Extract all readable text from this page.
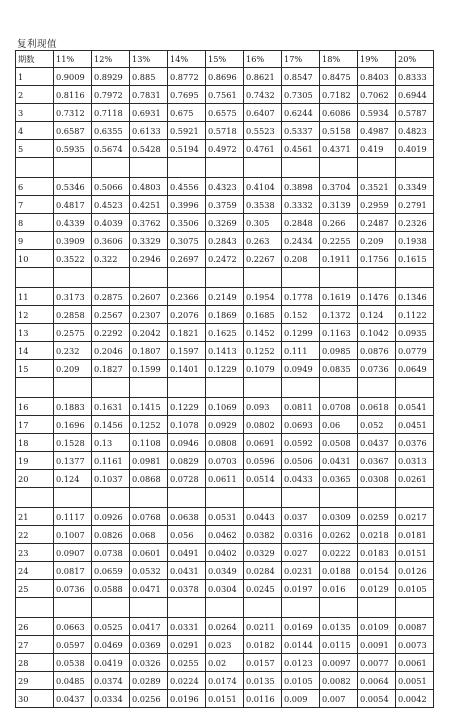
复利现值
期数	11%	12%	13%	14%	15%	16%	17%	18%	19%	20%
1	0.9009	0.8929	0.885	0.8772	0.8696	0.8621	0.8547	0.8475	0.8403	0.8333
2	0.8116	0.7972	0.7831	0.7695	0.7561	0.7432	0.7305	0.7182	0.7062	0.6944
3	0.7312	0.7118	0.6931	0.675	0.6575	0.6407	0.6244	0.6086	0.5934	0.5787
4	0.6587	0.6355	0.6133	0.5921	0.5718	0.5523	0.5337	0.5158	0.4987	0.4823
5	0.5935	0.5674	0.5428	0.5194	0.4972	0.4761	0.4561	0.4371	0.419	0.4019

6	0.5346	0.5066	0.4803	0.4556	0.4323	0.4104	0.3898	0.3704	0.3521	0.3349
7	0.4817	0.4523	0.4251	0.3996	0.3759	0.3538	0.3332	0.3139	0.2959	0.2791
8	0.4339	0.4039	0.3762	0.3506	0.3269	0.305	0.2848	0.266	0.2487	0.2326
9	0.3909	0.3606	0.3329	0.3075	0.2843	0.263	0.2434	0.2255	0.209	0.1938
10	0.3522	0.322	0.2946	0.2697	0.2472	0.2267	0.208	0.1911	0.1756	0.1615

11	0.3173	0.2875	0.2607	0.2366	0.2149	0.1954	0.1778	0.1619	0.1476	0.1346
12	0.2858	0.2567	0.2307	0.2076	0.1869	0.1685	0.152	0.1372	0.124	0.1122
13	0.2575	0.2292	0.2042	0.1821	0.1625	0.1452	0.1299	0.1163	0.1042	0.0935
14	0.232	0.2046	0.1807	0.1597	0.1413	0.1252	0.111	0.0985	0.0876	0.0779
15	0.209	0.1827	0.1599	0.1401	0.1229	0.1079	0.0949	0.0835	0.0736	0.0649

16	0.1883	0.1631	0.1415	0.1229	0.1069	0.093	0.0811	0.0708	0.0618	0.0541
17	0.1696	0.1456	0.1252	0.1078	0.0929	0.0802	0.0693	0.06	0.052	0.0451
18	0.1528	0.13	0.1108	0.0946	0.0808	0.0691	0.0592	0.0508	0.0437	0.0376
19	0.1377	0.1161	0.0981	0.0829	0.0703	0.0596	0.0506	0.0431	0.0367	0.0313
20	0.124	0.1037	0.0868	0.0728	0.0611	0.0514	0.0433	0.0365	0.0308	0.0261

21	0.1117	0.0926	0.0768	0.0638	0.0531	0.0443	0.037	0.0309	0.0259	0.0217
22	0.1007	0.0826	0.068	0.056	0.0462	0.0382	0.0316	0.0262	0.0218	0.0181
23	0.0907	0.0738	0.0601	0.0491	0.0402	0.0329	0.027	0.0222	0.0183	0.0151
24	0.0817	0.0659	0.0532	0.0431	0.0349	0.0284	0.0231	0.0188	0.0154	0.0126
25	0.0736	0.0588	0.0471	0.0378	0.0304	0.0245	0.0197	0.016	0.0129	0.0105

26	0.0663	0.0525	0.0417	0.0331	0.0264	0.0211	0.0169	0.0135	0.0109	0.0087
27	0.0597	0.0469	0.0369	0.0291	0.023	0.0182	0.0144	0.0115	0.0091	0.0073
28	0.0538	0.0419	0.0326	0.0255	0.02	0.0157	0.0123	0.0097	0.0077	0.0061
29	0.0485	0.0374	0.0289	0.0224	0.0174	0.0135	0.0105	0.0082	0.0064	0.0051
30	0.0437	0.0334	0.0256	0.0196	0.0151	0.0116	0.009	0.007	0.0054	0.0042
